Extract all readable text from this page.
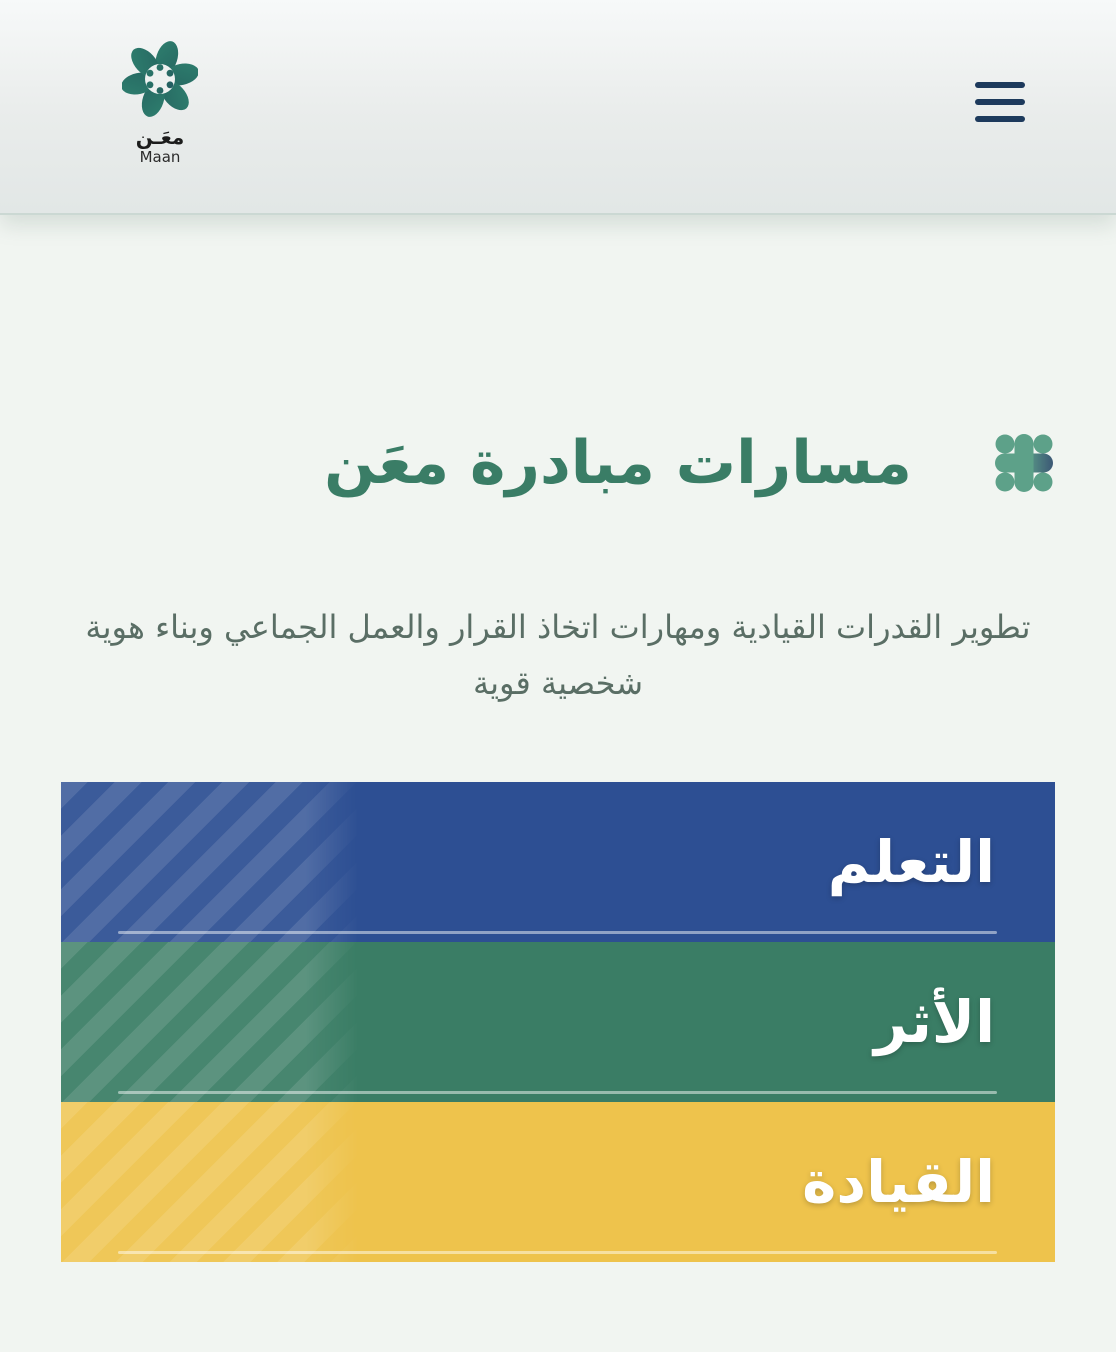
معَـن
Maan
مسارات مبادرة معَن

تطوير القدرات القيادية ومهارات اتخاذ القرار والعمل الجماعي وبناء هوية شخصية قوية

التعلم
الأثر
القيادة
